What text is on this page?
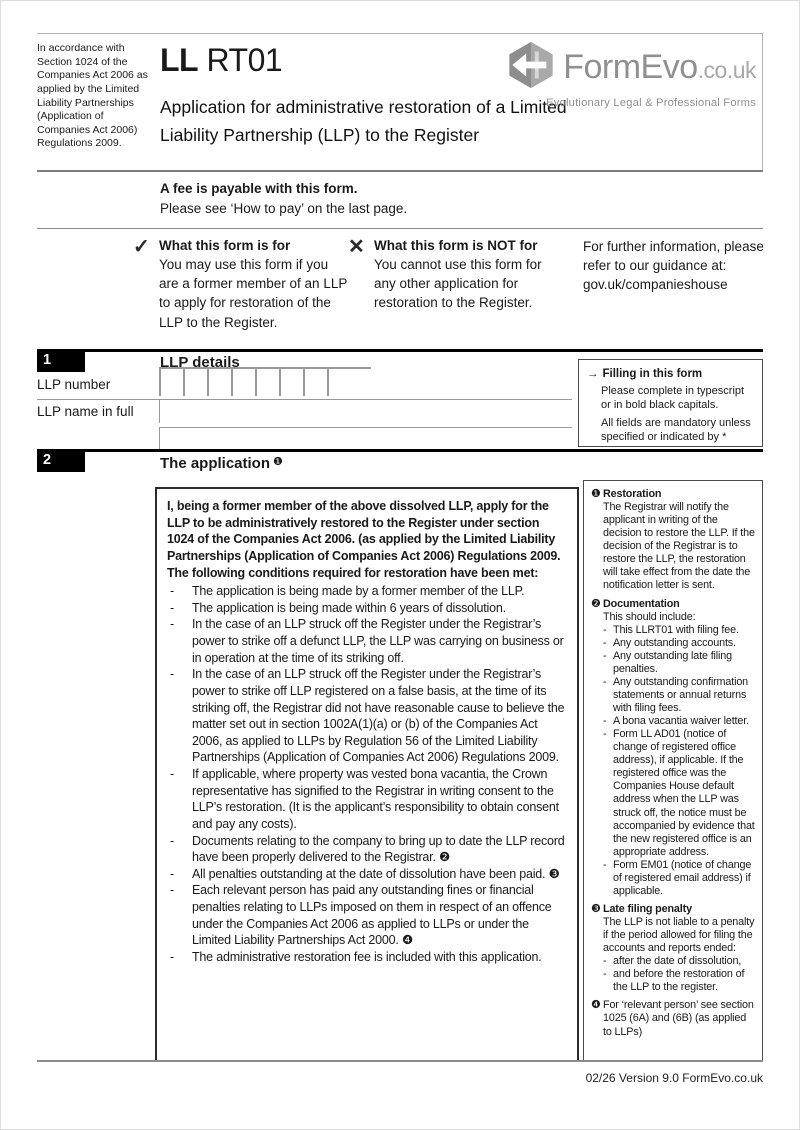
In accordance with Section 1024 of the Companies Act 2006 as applied by the Limited Liability Partnerships (Application of Companies Act 2006) Regulations 2009.
LL RT01
Application for administrative restoration of a Limited Liability Partnership (LLP) to the Register
FormEvo.co.uk
Evolutionary Legal & Professional Forms
A fee is payable with this form.
Please see ‘How to pay’ on the last page.
✓ What this form is for
You may use this form if you are a former member of an LLP to apply for restoration of the LLP to the Register.
✕ What this form is NOT for
You cannot use this form for any other application for restoration to the Register.
For further information, please refer to our guidance at:
gov.uk/companieshouse
1	LLP details
LLP number
LLP name in full
→ Filling in this form
Please complete in typescript or in bold black capitals.
All fields are mandatory unless specified or indicated by *
2	The application $^❶$
I, being a former member of the above dissolved LLP, apply for the LLP to be administratively restored to the Register under section 1024 of the Companies Act 2006. (as applied by the Limited Liability Partnerships (Application of Companies Act 2006) Regulations 2009. The following conditions required for restoration have been met:
- The application is being made by a former member of the LLP.
- The application is being made within 6 years of dissolution.
- In the case of an LLP struck off the Register under the Registrar’s power to strike off a defunct LLP, the LLP was carrying on business or in operation at the time of its striking off.
- In the case of an LLP struck off the Register under the Registrar’s power to strike off LLP registered on a false basis, at the time of its striking off, the Registrar did not have reasonable cause to believe the matter set out in section 1002A(1)(a) or (b) of the Companies Act 2006, as applied to LLPs by Regulation 56 of the Limited Liability Partnerships (Application of Companies Act 2006) Regulations 2009.
- If applicable, where property was vested bona vacantia, the Crown representative has signified to the Registrar in writing consent to the LLP’s restoration. (It is the applicant’s responsibility to obtain consent and pay any costs).
- Documents relating to the company to bring up to date the LLP record have been properly delivered to the Registrar. ❷
- All penalties outstanding at the date of dissolution have been paid. ❸
- Each relevant person has paid any outstanding fines or financial penalties relating to LLPs imposed on them in respect of an offence under the Companies Act 2006 as applied to LLPs or under the Limited Liability Partnerships Act 2000. ❹
- The administrative restoration fee is included with this application.
❶ Restoration
The Registrar will notify the applicant in writing of the decision to restore the LLP. If the decision of the Registrar is to restore the LLP, the restoration will take effect from the date the notification letter is sent.
❷ Documentation
This should include:
- This LLRT01 with filing fee.
- Any outstanding accounts.
- Any outstanding late filing penalties.
- Any outstanding confirmation statements or annual returns with filing fees.
- A bona vacantia waiver letter.
- Form LL AD01 (notice of change of registered office address), if applicable. If the registered office was the Companies House default address when the LLP was struck off, the notice must be accompanied by evidence that the new registered office is an appropriate address.
- Form EM01 (notice of change of registered email address) if applicable.
❸ Late filing penalty
The LLP is not liable to a penalty if the period allowed for filing the accounts and reports ended:
- after the date of dissolution,
- and before the restoration of the LLP to the register.
❹ For ‘relevant person’ see section 1025 (6A) and (6B) (as applied to LLPs)
02/26 Version 9.0 FormEvo.co.uk
